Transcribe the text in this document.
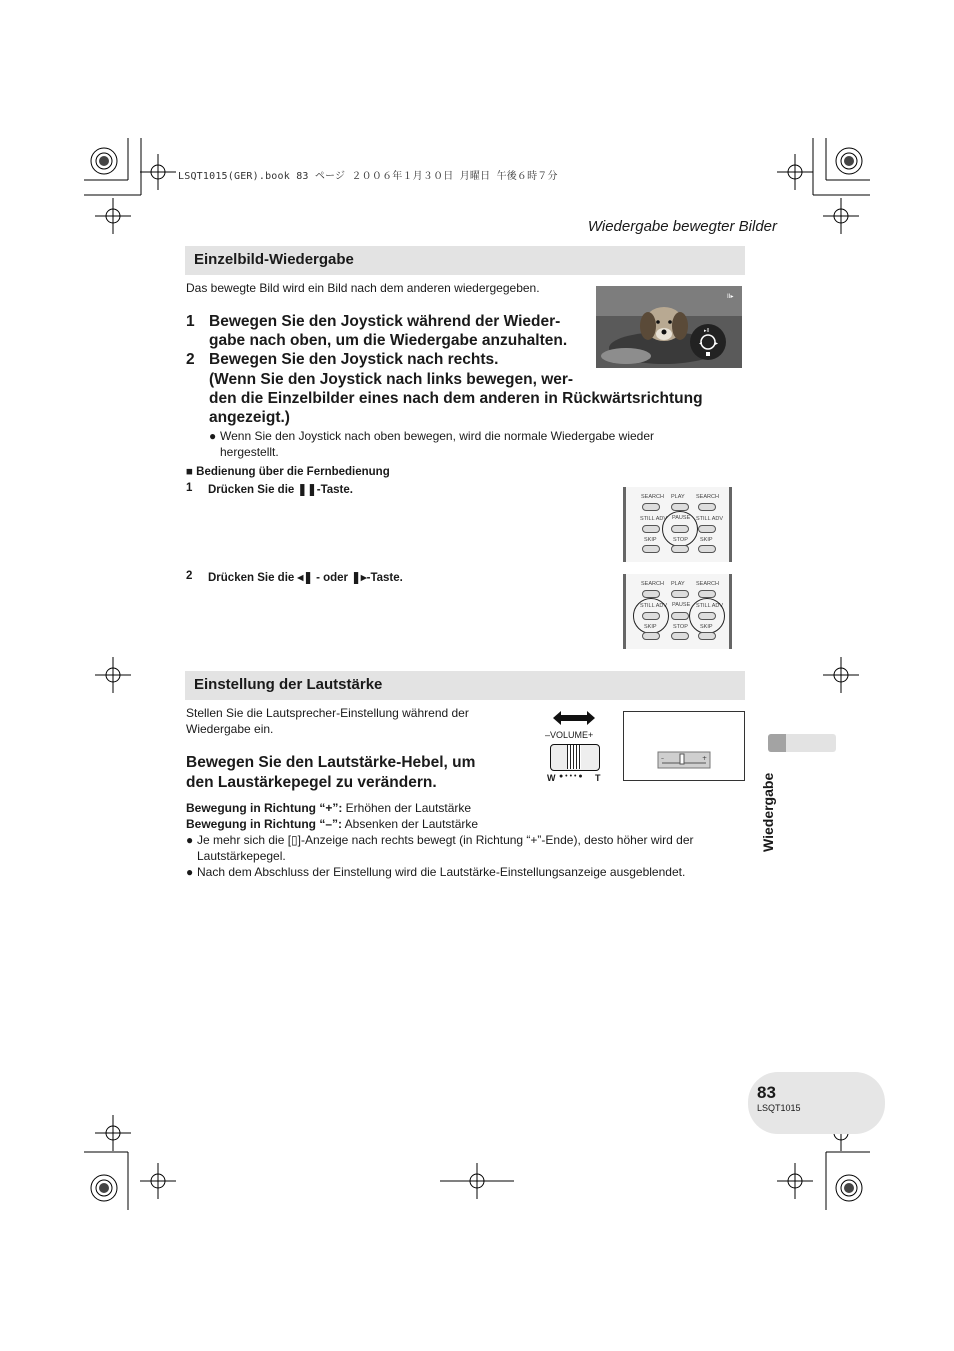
LSQT1015(GER).book 83 ページ ２００６年１月３０日 月曜日 午後６時７分
Wiedergabe bewegter Bilder
Einzelbild-Wiedergabe
Das bewegte Bild wird ein Bild nach dem anderen wiedergegeben.
◂ ▸
▸II
II▸
1 Bewegen Sie den Joystick während der Wieder-
gabe nach oben, um die Wiedergabe anzuhalten.
2 Bewegen Sie den Joystick nach rechts.
(Wenn Sie den Joystick nach links bewegen, wer-
den die Einzelbilder eines nach dem anderen in Rückwärtsrichtung
angezeigt.)
● Wenn Sie den Joystick nach oben bewegen, wird die normale Wiedergabe wieder hergestellt.
■ Bedienung über die Fernbedienung
1 Drücken Sie die ❚❚-Taste.
2 Drücken Sie die ◂❚ - oder ❚▸-Taste.
SEARCH PLAY SEARCH
STILL ADV PAUSE STILL ADV
SKIP	STOP SKIP
SEARCH PLAY SEARCH
STILL ADV PAUSE STILL ADV
SKIP	STOP SKIP
Einstellung der Lautstärke
Stellen Sie die Lautsprecher-Einstellung während der
Wiedergabe ein.
Bewegen Sie den Lautstärke-Hebel, um
den Laustärkepegel zu verändern.
–VOLUME+
W ● • • • ● T
–	+
Bewegung in Richtung “+”: Erhöhen der Lautstärke
Bewegung in Richtung “–”: Absenken der Lautstärke
● Je mehr sich die [▯]-Anzeige nach rechts bewegt (in Richtung “+”-Ende), desto höher wird der Lautstärkepegel.
● Nach dem Abschluss der Einstellung wird die Lautstärke-Einstellungsanzeige ausgeblendet.
Wiedergabe
83
LSQT1015
